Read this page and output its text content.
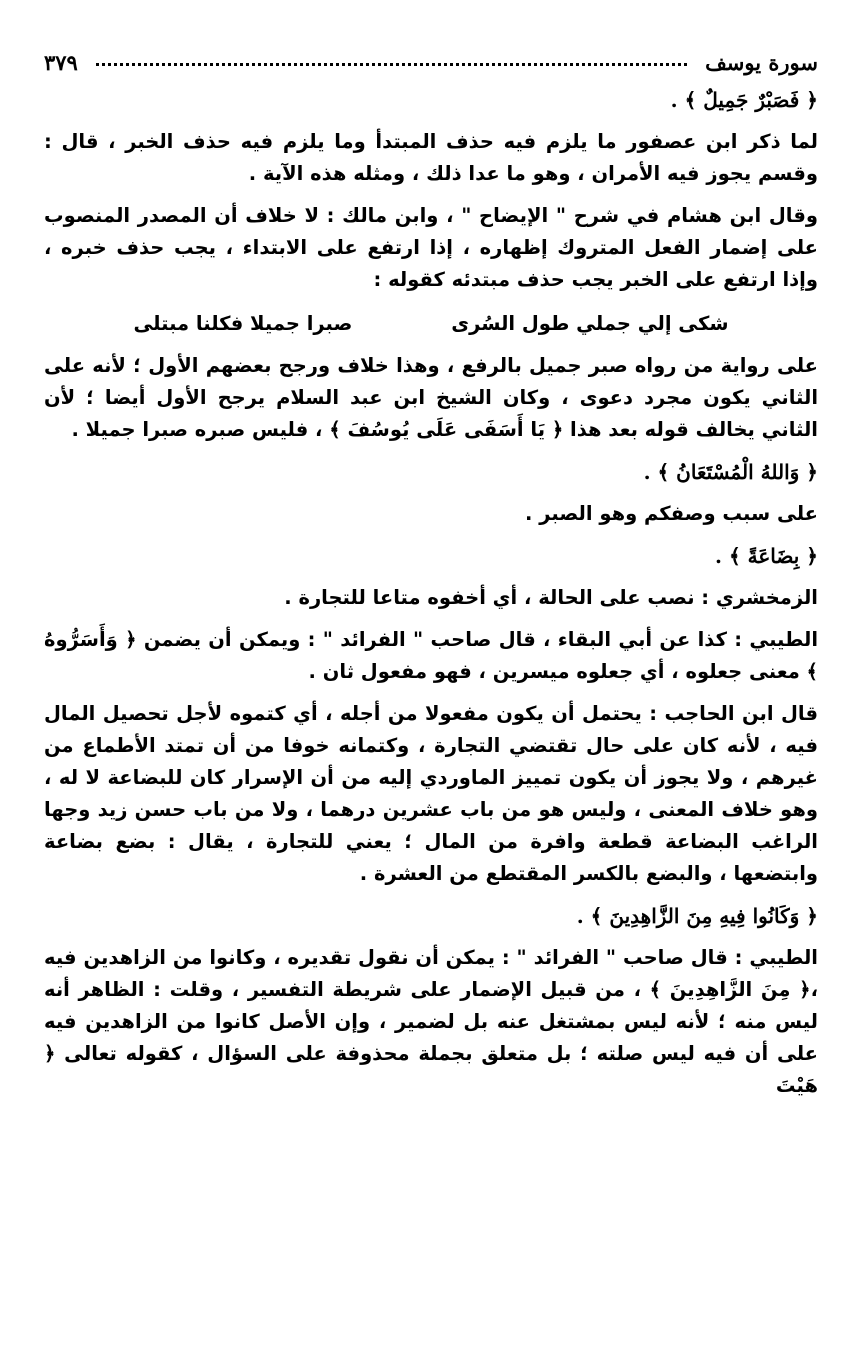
سورة يوسف
٣٧٩

﴿ فَصَبْرٌ جَمِيلٌ ﴾ .

لما ذكر ابن عصفور ما يلزم فيه حذف المبتدأ وما يلزم فيه حذف الخبر ، قال : وقسم يجوز فيه الأمران ، وهو ما عدا ذلك ، ومثله هذه الآية .

وقال ابن هشام في شرح " الإيضاح " ، وابن مالك : لا خلاف أن المصدر المنصوب على إضمار الفعل المتروك إظهاره ، إذا ارتفع على الابتداء ، يجب حذف خبره ، وإذا ارتفع على الخبر يجب حذف مبتدئه كقوله :

شكى إلي جملي طول السُرى
صبرا جميلا فكلنا مبتلى

على رواية من رواه صبر جميل بالرفع ، وهذا خلاف ورجح بعضهم الأول ؛ لأنه على الثاني يكون مجرد دعوى ، وكان الشيخ ابن عبد السلام يرجح الأول أيضا ؛ لأن الثاني يخالف قوله بعد هذا ﴿ يَا أَسَفَى عَلَى يُوسُفَ ﴾ ، فليس صبره صبرا جميلا .

﴿ وَاللهُ الْمُسْتَعَانُ ﴾ .

على سبب وصفكم وهو الصبر .

﴿ بِضَاعَةً ﴾ .

الزمخشري : نصب على الحالة ، أي أخفوه متاعا للتجارة .

الطيبي : كذا عن أبي البقاء ، قال صاحب " الفرائد " : ويمكن أن يضمن ﴿ وَأَسَرُّوهُ ﴾ معنى جعلوه ، أي جعلوه ميسرين ، فهو مفعول ثان .

قال ابن الحاجب : يحتمل أن يكون مفعولا من أجله ، أي كتموه لأجل تحصيل المال فيه ، لأنه كان على حال تقتضي التجارة ، وكتمانه خوفا من أن تمتد الأطماع من غيرهم ، ولا يجوز أن يكون تمييز الماوردي إليه من أن الإسرار كان للبضاعة لا له ، وهو خلاف المعنى ، وليس هو من باب عشرين درهما ، ولا من باب حسن زيد وجها الراغب البضاعة قطعة وافرة من المال ؛ يعني للتجارة ، يقال : بضع بضاعة وابتضعها ، والبضع بالكسر المقتطع من العشرة .

﴿ وَكَانُوا فِيهِ مِنَ الزَّاهِدِينَ ﴾ .

الطيبي : قال صاحب " الفرائد " : يمكن أن نقول تقديره ، وكانوا من الزاهدين فيه ،﴿ مِنَ الزَّاهِدِينَ ﴾ ، من قبيل الإضمار على شريطة التفسير ، وقلت : الظاهر أنه ليس منه ؛ لأنه ليس بمشتغل عنه بل لضمير ، وإن الأصل كانوا من الزاهدين فيه على أن فيه ليس صلته ؛ بل متعلق بجملة محذوفة على السؤال ، كقوله تعالى ﴿ هَيْتَ
